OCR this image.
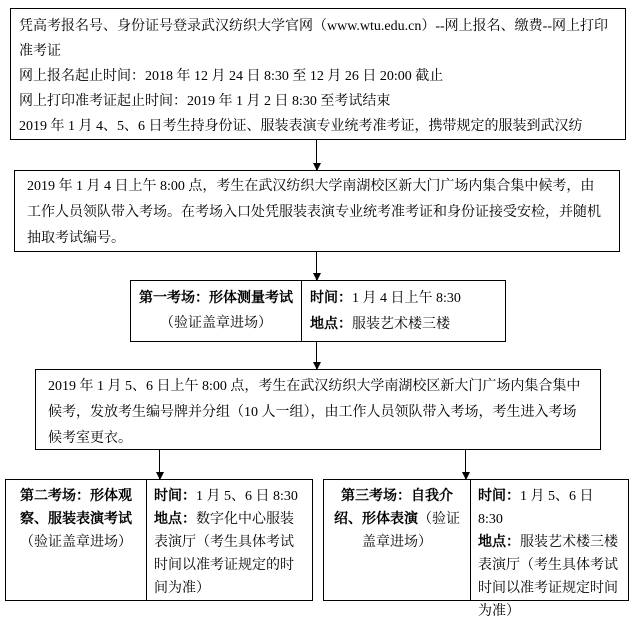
凭高考报名号、身份证号登录武汉纺织大学官网（www.wtu.edu.cn）--网上报名、缴费--网上打印准考证

网上报名起止时间：2018 年 12 月 24 日 8:30 至 12 月 26 日 20:00 截止

网上打印准考证起止时间：2019 年 1 月 2 日 8:30 至考试结束

2019 年 1 月 4、5、6 日考生持身份证、服装表演专业统考准考证，携带规定的服装到武汉纺

2019 年 1 月 4 日上午 8:00 点，考生在武汉纺织大学南湖校区新大门广场内集合集中候考，由工作人员领队带入考场。在考场入口处凭服装表演专业统考准考证和身份证接受安检，并随机抽取考试编号。

第一考场：形体测量考试（验证盖章进场）

时间：1 月 4 日上午 8:30

地点：服装艺术楼三楼

2019 年 1 月 5、6 日上午 8:00 点，考生在武汉纺织大学南湖校区新大门广场内集合集中候考，发放考生编号牌并分组（10 人一组），由工作人员领队带入考场，考生进入考场候考室更衣。

第二考场：形体观察、服装表演考试（验证盖章进场）

时间：1 月 5、6 日 8:30

地点：数字化中心服装表演厅（考生具体考试时间以准考证规定的时间为准）

第三考场：自我介绍、形体表演（验证盖章进场）

时间：1 月 5、6 日 8:30

地点：服装艺术楼三楼表演厅（考生具体考试时间以准考证规定时间为准）
